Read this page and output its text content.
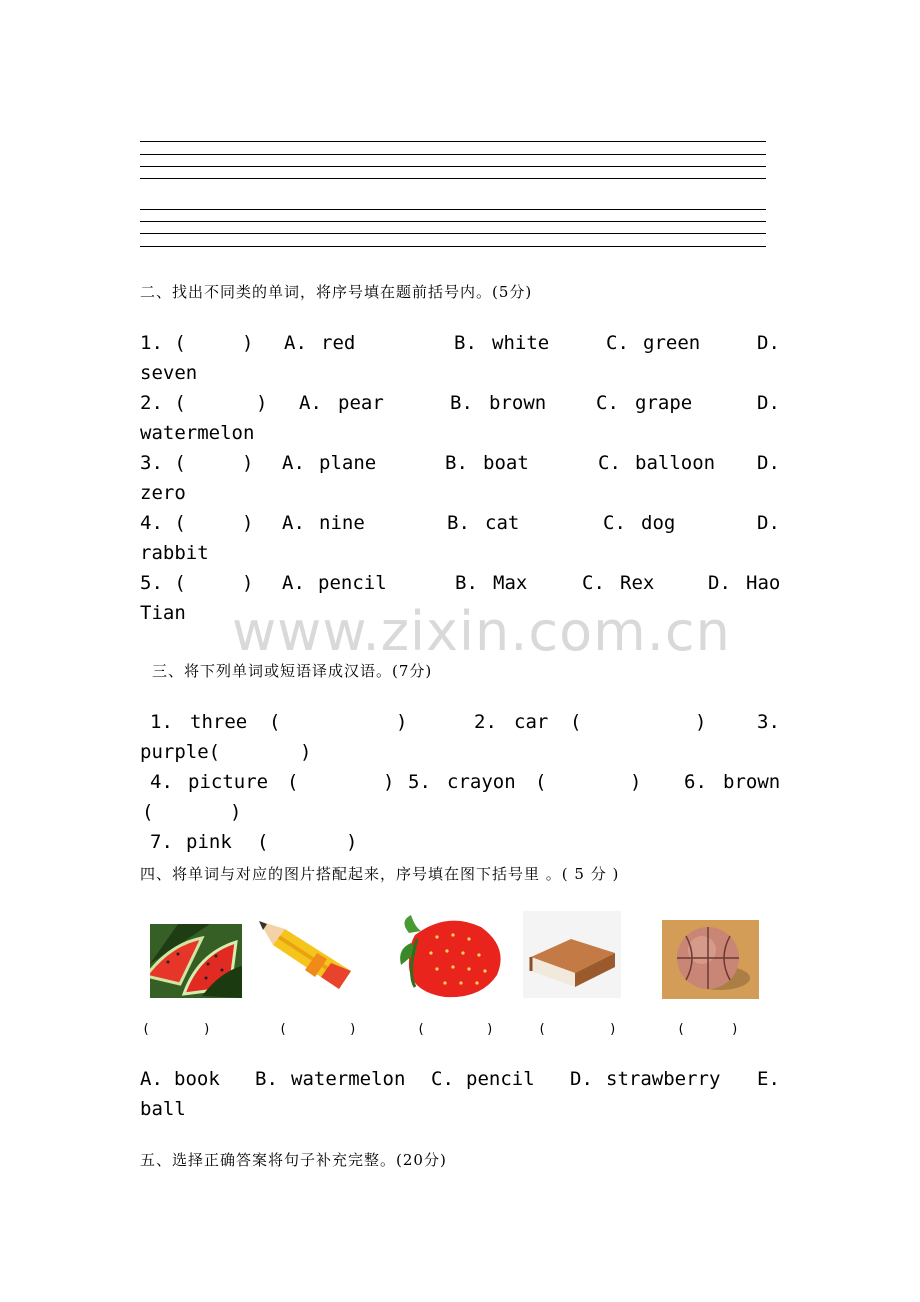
二、找出不同类的单词，将序号填在题前括号内。(5分)
1. (	) A. red	B. white	C. green	D.
seven
2. (	) A. pear	B. brown	C. grape	D.
watermelon
3. (	) A. plane	B. boat	C. balloon D.
zero
4. (	) A. nine	B. cat	C. dog	D.
rabbit
5. (	) A. pencil	B. Max	C. Rex	D. Hao
Tian www.zixin.com.cn
三、将下列单词或短语译成汉语。(7分)
1. three (	)	2. car (	)	3.
purple(	)
4. picture (	) 5. crayon (	) 6. brown
(	)
7. pink (	)
四、将单词与对应的图片搭配起来，序号填在图下括号里 。( 5 分 )
(	)	(	)	(	)	(	)	(	)
A. book B. watermelon C. pencil D. strawberry E.
ball
五、选择正确答案将句子补充完整。(20分)
